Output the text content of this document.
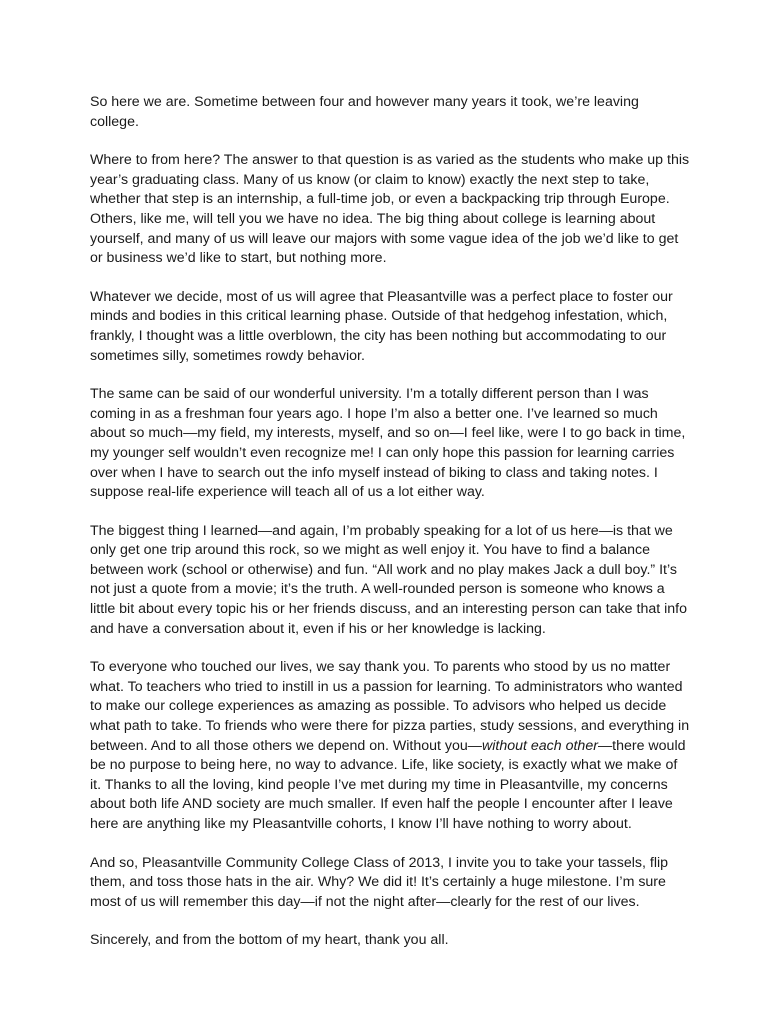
So here we are. Sometime between four and however many years it took, we’re leaving college.

Where to from here? The answer to that question is as varied as the students who make up this year’s graduating class. Many of us know (or claim to know) exactly the next step to take, whether that step is an internship, a full-time job, or even a backpacking trip through Europe. Others, like me, will tell you we have no idea. The big thing about college is learning about yourself, and many of us will leave our majors with some vague idea of the job we’d like to get or business we’d like to start, but nothing more.

Whatever we decide, most of us will agree that Pleasantville was a perfect place to foster our minds and bodies in this critical learning phase. Outside of that hedgehog infestation, which, frankly, I thought was a little overblown, the city has been nothing but accommodating to our sometimes silly, sometimes rowdy behavior.

The same can be said of our wonderful university. I’m a totally different person than I was coming in as a freshman four years ago. I hope I’m also a better one. I’ve learned so much about so much—my field, my interests, myself, and so on—I feel like, were I to go back in time, my younger self wouldn’t even recognize me! I can only hope this passion for learning carries over when I have to search out the info myself instead of biking to class and taking notes. I suppose real-life experience will teach all of us a lot either way.

The biggest thing I learned—and again, I’m probably speaking for a lot of us here—is that we only get one trip around this rock, so we might as well enjoy it. You have to find a balance between work (school or otherwise) and fun. “All work and no play makes Jack a dull boy.” It’s not just a quote from a movie; it’s the truth. A well-rounded person is someone who knows a little bit about every topic his or her friends discuss, and an interesting person can take that info and have a conversation about it, even if his or her knowledge is lacking.

To everyone who touched our lives, we say thank you. To parents who stood by us no matter what. To teachers who tried to instill in us a passion for learning. To administrators who wanted to make our college experiences as amazing as possible. To advisors who helped us decide what path to take. To friends who were there for pizza parties, study sessions, and everything in between. And to all those others we depend on. Without you—without each other—there would be no purpose to being here, no way to advance. Life, like society, is exactly what we make of it. Thanks to all the loving, kind people I’ve met during my time in Pleasantville, my concerns about both life AND society are much smaller. If even half the people I encounter after I leave here are anything like my Pleasantville cohorts, I know I’ll have nothing to worry about.

And so, Pleasantville Community College Class of 2013, I invite you to take your tassels, flip them, and toss those hats in the air. Why? We did it! It’s certainly a huge milestone. I’m sure most of us will remember this day—if not the night after—clearly for the rest of our lives.

Sincerely, and from the bottom of my heart, thank you all.
